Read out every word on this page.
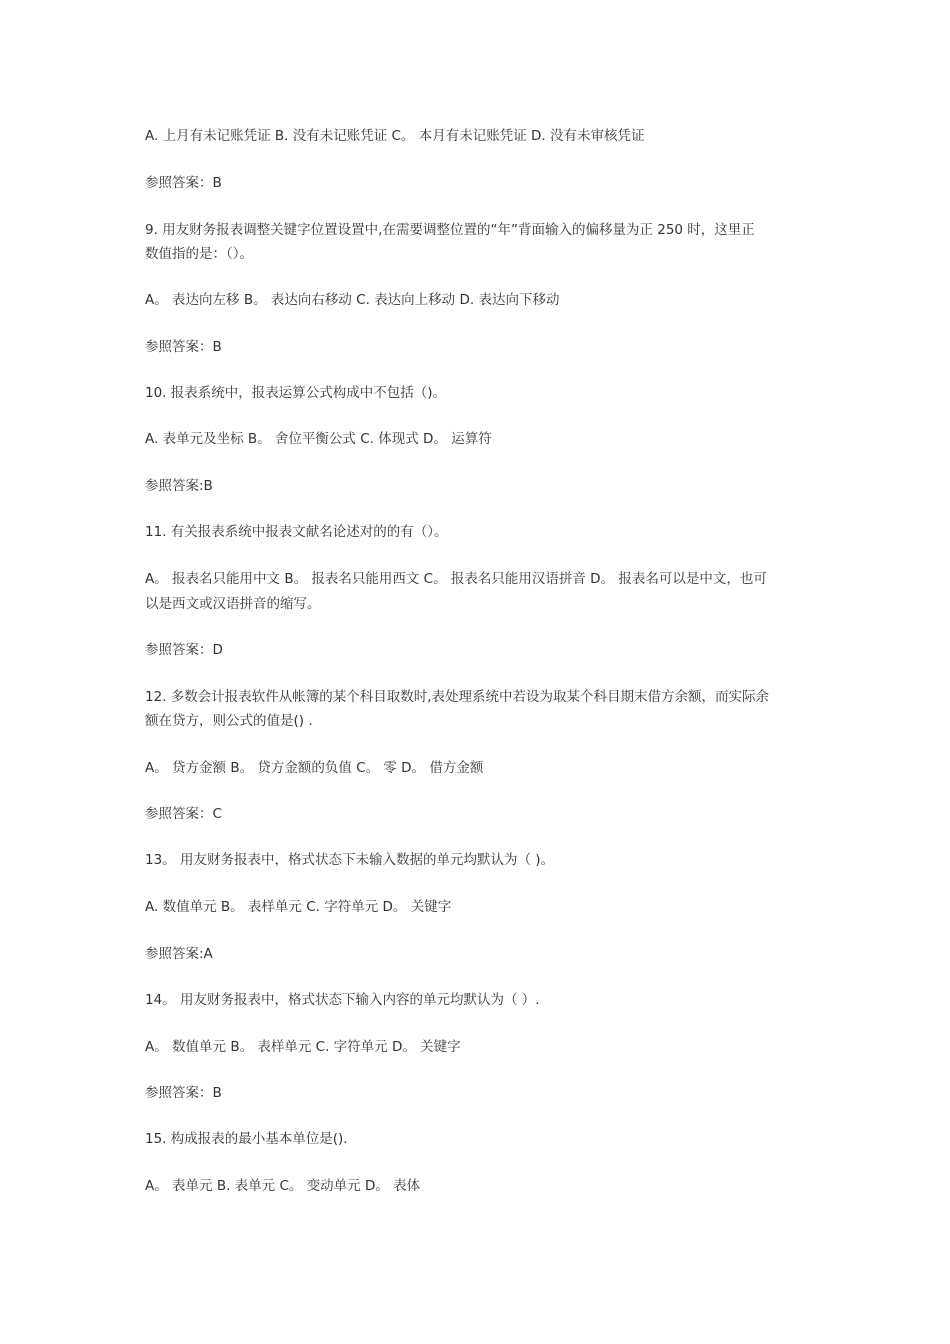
A. 上月有未记账凭证 B. 没有未记账凭证 C。 本月有未记账凭证 D. 没有未审核凭证
参照答案：B
9. 用友财务报表调整关键字位置设置中,在需要调整位置的“年”背面输入的偏移量为正 250 时，这里正
数值指的是：（）。
A。 表达向左移 B。 表达向右移动 C. 表达向上移动 D. 表达向下移动
参照答案：B
10. 报表系统中，报表运算公式构成中不包括（)。
A. 表单元及坐标 B。 舍位平衡公式 C. 体现式 D。 运算符
参照答案:B
11. 有关报表系统中报表文献名论述对的的有（）。
A。 报表名只能用中文 B。 报表名只能用西文 C。 报表名只能用汉语拼音 D。 报表名可以是中文，也可
以是西文或汉语拼音的缩写。
参照答案：D
12. 多数会计报表软件从帐簿的某个科目取数时,表处理系统中若设为取某个科目期末借方余额，而实际余
额在贷方，则公式的值是() .
A。 贷方金额 B。 贷方金额的负值 C。 零 D。 借方金额
参照答案：C
13。 用友财务报表中，格式状态下未输入数据的单元均默认为（ )。
A. 数值单元 B。 表样单元 C. 字符单元 D。 关键字
参照答案:A
14。 用友财务报表中，格式状态下输入内容的单元均默认为（ ）.
A。 数值单元 B。 表样单元 C. 字符单元 D。 关键字
参照答案：B
15. 构成报表的最小基本单位是().
A。 表单元 B. 表单元 C。 变动单元 D。 表体
